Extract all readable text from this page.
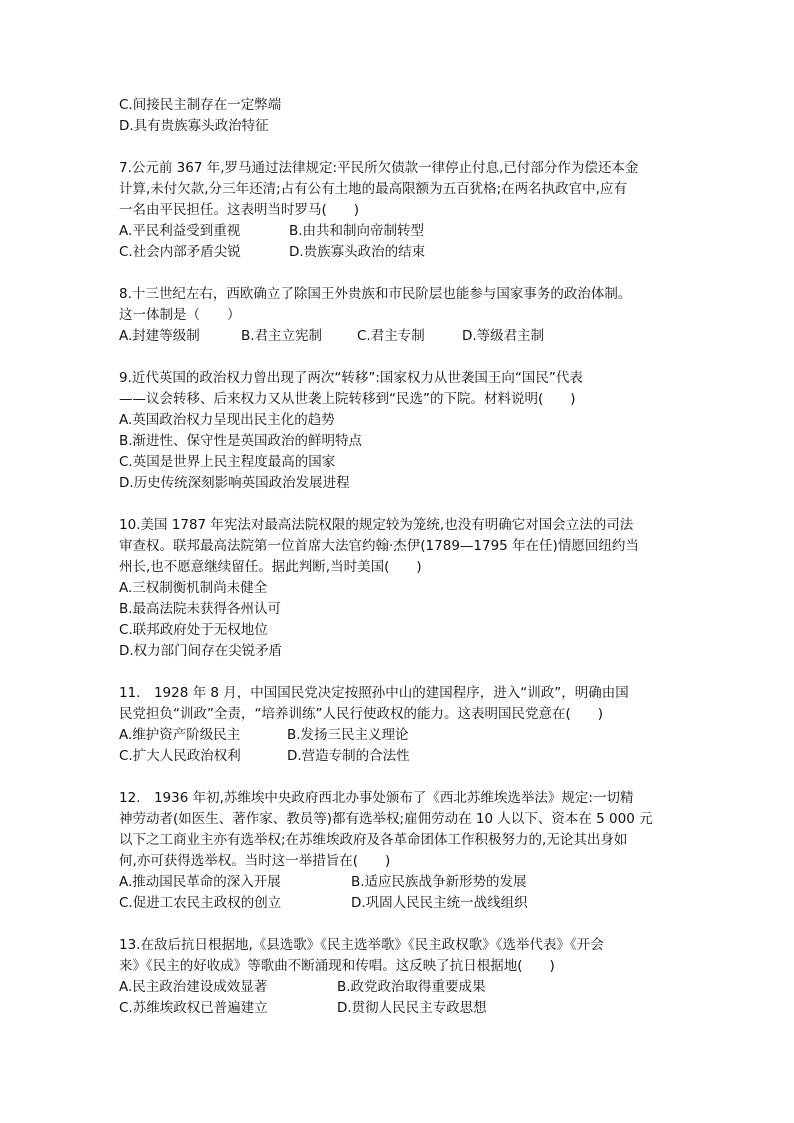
C.间接民主制存在一定弊端
D.具有贵族寡头政治特征
7.公元前 367 年,罗马通过法律规定:平民所欠债款一律停止付息,已付部分作为偿还本金
计算,未付欠款,分三年还清;占有公有土地的最高限额为五百犹格;在两名执政官中,应有
一名由平民担任。这表明当时罗马(　　)
A.平民利益受到重视	B.由共和制向帝制转型
C.社会内部矛盾尖锐	D.贵族寡头政治的结束
8.十三世纪左右，西欧确立了除国王外贵族和市民阶层也能参与国家事务的政治体制。
这一体制是（　　）
A.封建等级制	B.君主立宪制	C.君主专制	D.等级君主制
9.近代英国的政治权力曾出现了两次“转移”:国家权力从世袭国王向“国民”代表
——议会转移、后来权力又从世袭上院转移到“民选”的下院。材料说明(　　)
A.英国政治权力呈现出民主化的趋势
B.渐进性、保守性是英国政治的鲜明特点
C.英国是世界上民主程度最高的国家
D.历史传统深刻影响英国政治发展进程
10.美国 1787 年宪法对最高法院权限的规定较为笼统,也没有明确它对国会立法的司法
审查权。联邦最高法院第一位首席大法官约翰·杰伊(1789—1795 年在任)情愿回纽约当
州长,也不愿意继续留任。据此判断,当时美国(　　)
A.三权制衡机制尚未健全
B.最高法院未获得各州认可
C.联邦政府处于无权地位
D.权力部门间存在尖锐矛盾
11.　1928 年 8 月，中国国民党决定按照孙中山的建国程序，进入“训政”，明确由国
民党担负“训政”全责，“培养训练”人民行使政权的能力。这表明国民党意在(　　)
A.维护资产阶级民主	B.发扬三民主义理论
C.扩大人民政治权利	D.营造专制的合法性
12.　1936 年初,苏维埃中央政府西北办事处颁布了《西北苏维埃选举法》规定:一切精
神劳动者(如医生、著作家、教员等)都有选举权;雇佣劳动在 10 人以下、资本在 5 000 元
以下之工商业主亦有选举权;在苏维埃政府及各革命团体工作积极努力的,无论其出身如
何,亦可获得选举权。当时这一举措旨在(　　)
A.推动国民革命的深入开展	B.适应民族战争新形势的发展
C.促进工农民主政权的创立	D.巩固人民民主统一战线组织
13.在敌后抗日根据地,《县选歌》《民主选举歌》《民主政权歌》《选举代表》《开会
来》《民主的好收成》等歌曲不断涌现和传唱。这反映了抗日根据地(　　)
A.民主政治建设成效显著	B.政党政治取得重要成果
C.苏维埃政权已普遍建立	D.贯彻人民民主专政思想
